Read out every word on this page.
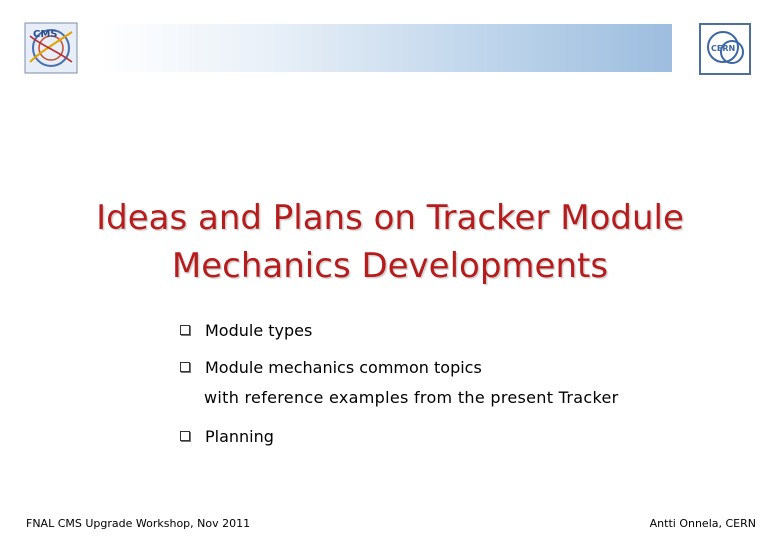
CMS
CERN
Ideas and Plans on Tracker Module
Mechanics Developments
Module types
Module mechanics common topics
with reference examples from the present Tracker
Planning
FNAL CMS Upgrade Workshop, Nov 2011	Antti Onnela, CERN
